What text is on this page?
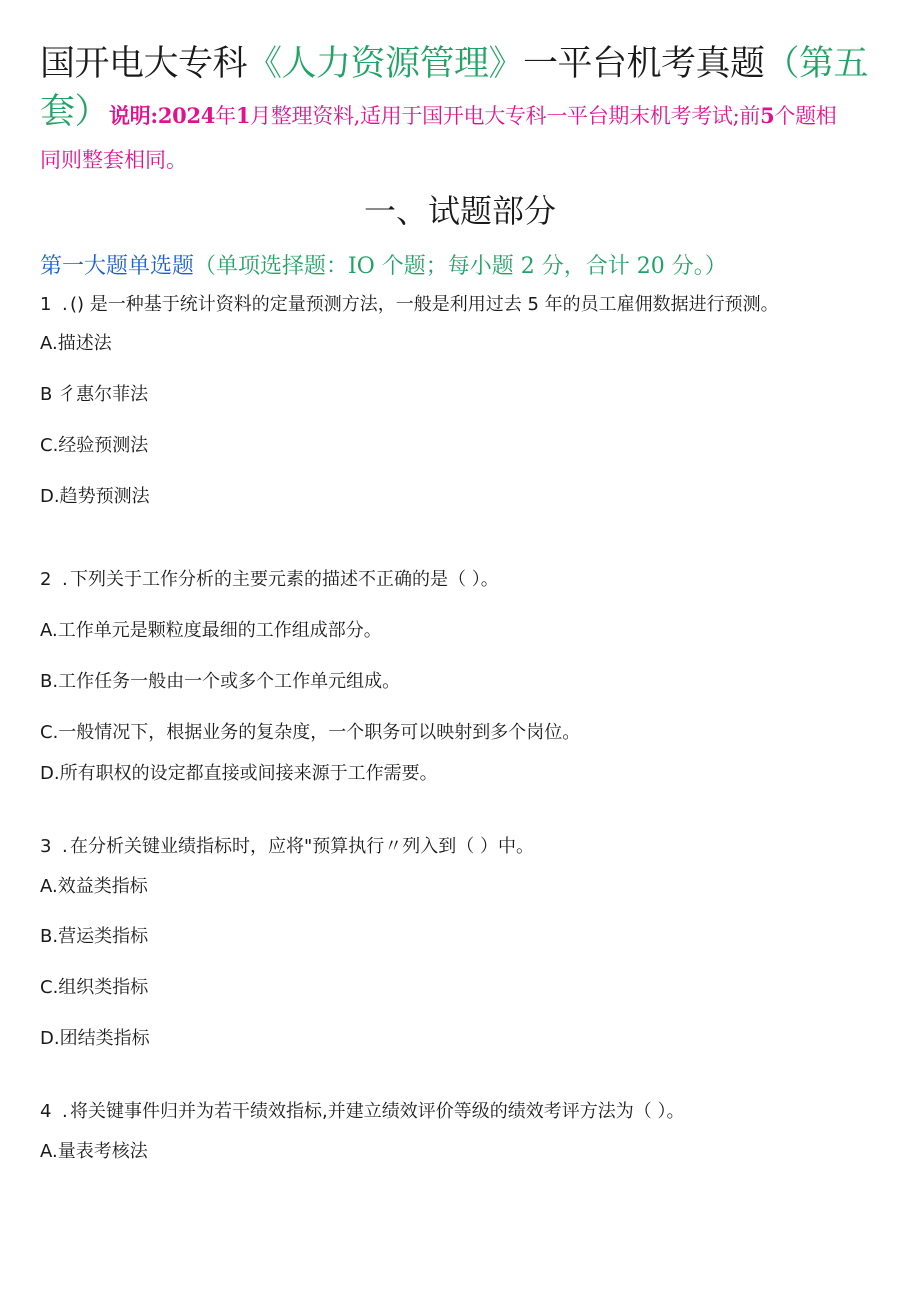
国开电大专科《人力资源管理》一平台机考真题（第五
套）说明:2024年1月整理资料,适用于国开电大专科一平台期末机考考试;前5个题相
同则整套相同。
一、试题部分
第一大题单选题（单项选择题：IO 个题；每小题 2 分，合计 20 分。）
1 . () 是一种基于统计资料的定量预测方法，一般是利用过去 5 年的员工雇佣数据进行预测。
A.描述法
B 彳惠尔菲法
C.经验预测法
D.趋势预测法
2 . 下列关于工作分析的主要元素的描述不正确的是（ ）。
A.工作单元是颗粒度最细的工作组成部分。
B.工作任务一般由一个或多个工作单元组成。
C.一般情况下，根据业务的复杂度，一个职务可以映射到多个岗位。
D.所有职权的设定都直接或间接来源于工作需要。
3 . 在分析关键业绩指标时，应将"预算执行〃列入到（ ）中。
A.效益类指标
B.营运类指标
C.组织类指标
D.团结类指标
4 . 将关键事件归并为若干绩效指标,并建立绩效评价等级的绩效考评方法为（ ）。
A.量表考核法
